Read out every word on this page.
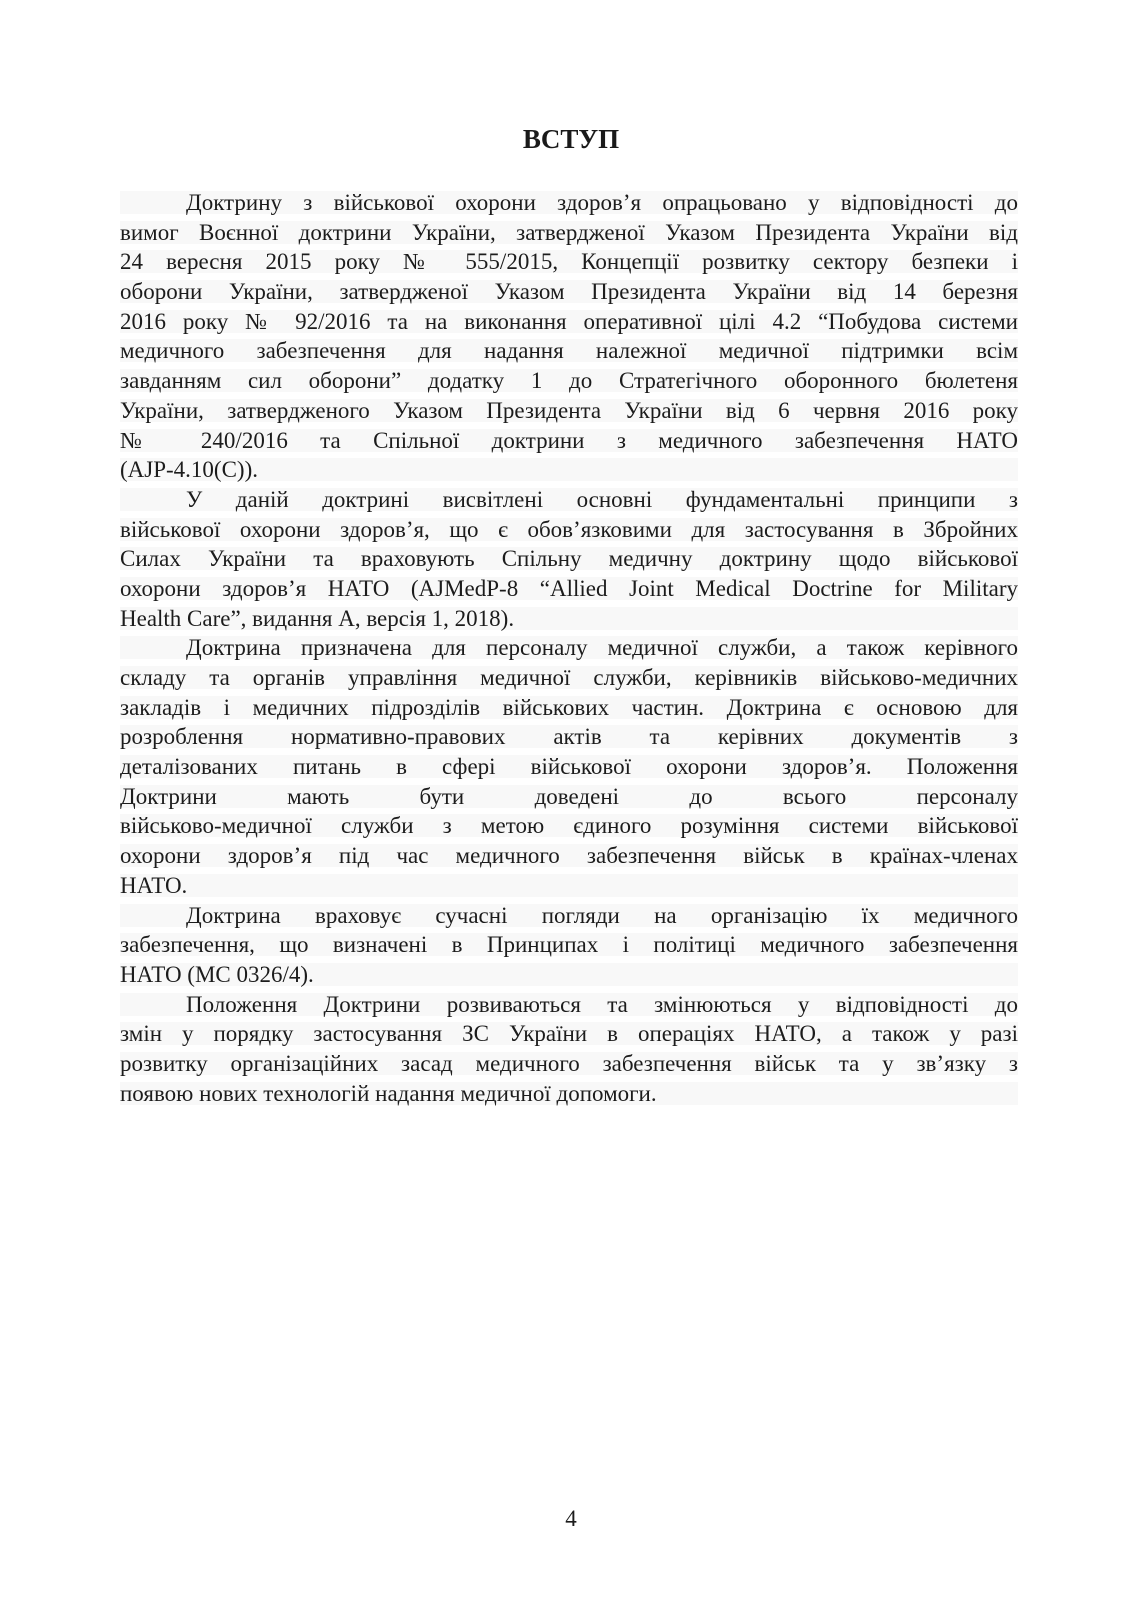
ВСТУП

Доктрину з військової охорони здоров’я опрацьовано у відповідності до
вимог Воєнної доктрини України, затвердженої Указом Президента України від
24 вересня 2015 року № 555/2015, Концепції розвитку сектору безпеки і
оборони України, затвердженої Указом Президента України від 14 березня
2016 року № 92/2016 та на виконання оперативної цілі 4.2 “Побудова системи
медичного забезпечення для надання належної медичної підтримки всім
завданням сил оборони” додатку 1 до Стратегічного оборонного бюлетеня
України, затвердженого Указом Президента України від 6 червня 2016 року
№ 240/2016 та Спільної доктрини з медичного забезпечення НАТО
(AJP-4.10(C)).

У даній доктрині висвітлені основні фундаментальні принципи з
військової охорони здоров’я, що є обов’язковими для застосування в Збройних
Силах України та враховують Спільну медичну доктрину щодо військової
охорони здоров’я НАТО (AJMedP-8 “Allied Joint Medical Doctrine for Military
Health Care”, видання A, версія 1, 2018).

Доктрина призначена для персоналу медичної служби, а також керівного
складу та органів управління медичної служби, керівників військово-медичних
закладів і медичних підрозділів військових частин. Доктрина є основою для
розроблення нормативно-правових актів та керівних документів з
деталізованих питань в сфері військової охорони здоров’я. Положення
Доктрини мають бути доведені до всього персоналу
військово-медичної служби з метою єдиного розуміння системи військової
охорони здоров’я під час медичного забезпечення військ в країнах-членах
НАТО.

Доктрина враховує сучасні погляди на організацію їх медичного
забезпечення, що визначені в Принципах і політиці медичного забезпечення
НАТО (MC 0326/4).

Положення Доктрини розвиваються та змінюються у відповідності до
змін у порядку застосування ЗС України в операціях НАТО, а також у разі
розвитку організаційних засад медичного забезпечення військ та у зв’язку з
появою нових технологій надання медичної допомоги.

4
